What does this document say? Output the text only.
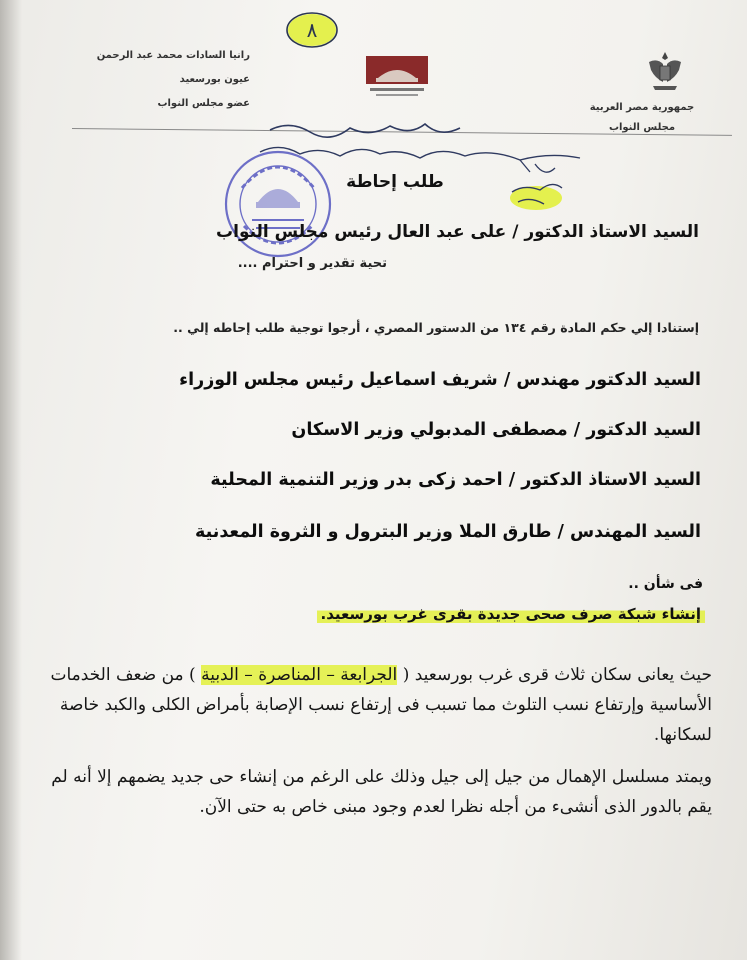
٨
جمهورية مصر العربية
مجلس النواب
رانيا السادات محمد عبد الرحمن
عيون بورسعيد
عضو مجلس النواب
طلب إحاطة
السيد الاستاذ الدكتور / على عبد العال رئيس مجلس النواب
تحية تقدير و احترام ....
إستنادا إلي حكم المادة رقم ١٣٤ من الدستور المصري ، أرجوا توجية طلب إحاطه إلي ..
السيد الدكتور مهندس / شريف اسماعيل رئيس مجلس الوزراء
السيد الدكتور / مصطفى المدبولي وزير الاسكان
السيد الاستاذ الدكتور / احمد زكى بدر وزير التنمية المحلية
السيد المهندس / طارق الملا وزير البترول و الثروة المعدنية
فى شأن ..
إنشاء شبكة صرف صحى جديدة بقرى غرب بورسعيد.
حيث يعانى سكان ثلاث قرى غرب بورسعيد ( الجرابعة – المناصرة – الدبية ) من ضعف الخدمات الأساسية وإرتفاع نسب التلوث مما تسبب فى إرتفاع نسب الإصابة بأمراض الكلى والكبد خاصة لسكانها.
ويمتد مسلسل الإهمال من جيل إلى جيل وذلك على الرغم من إنشاء حى جديد يضمهم إلا أنه لم يقم بالدور الذى أنشىء من أجله نظرا لعدم وجود مبنى خاص به حتى الآن.
